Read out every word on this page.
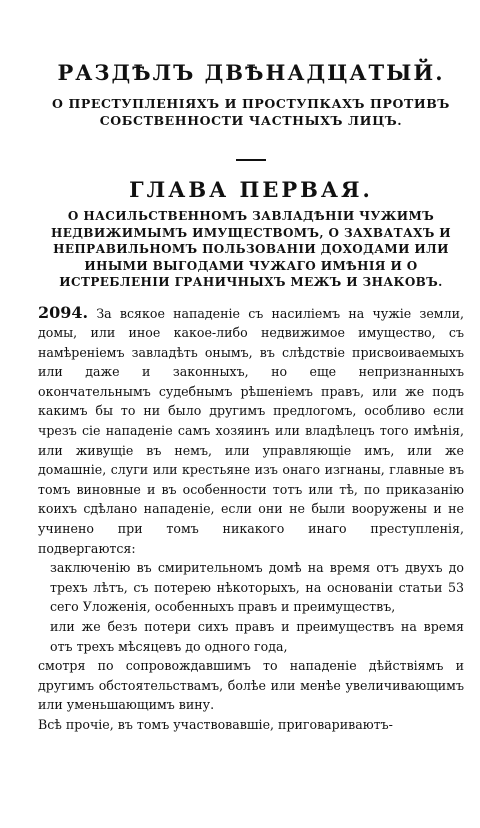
РАЗДѢЛЪ ДВѢНАДЦАТЫЙ.
О ПРЕСТУПЛЕНІЯХЪ И ПРОСТУПКАХЪ ПРОТИВЪ СОБСТВЕННОСТИ ЧАСТНЫХЪ ЛИЦЪ.
ГЛАВА ПЕРВАЯ.
О НАСИЛЬСТВЕННОМЪ ЗАВЛАДѢНІИ ЧУЖИМЪ НЕДВИЖИМЫМЪ ИМУЩЕСТВОМЪ, О ЗАХВАТАХЪ И НЕПРАВИЛЬНОМЪ ПОЛЬЗОВАНІИ ДОХОДАМИ ИЛИ ИНЫМИ ВЫГОДАМИ ЧУЖАГО ИМѢНІЯ И О ИСТРЕБЛЕНІИ ГРАНИЧНЫХЪ МЕЖЪ И ЗНАКОВЪ.

2094. За всякое нападеніе съ насиліемъ на чужіе земли, домы, или иное какое-либо недвижимое имущество, съ намѣреніемъ завладѣть онымъ, въ слѣдствіе присвоиваемыхъ или даже и законныхъ, но еще непризнанныхъ окончательнымъ судебнымъ рѣшеніемъ правъ, или же подъ какимъ бы то ни было другимъ предлогомъ, особливо если чрезъ сіе нападеніе самъ хозяинъ или владѣлецъ того имѣнія, или живущіе въ немъ, или управляющіе имъ, или же домашніе, слуги или крестьяне изъ онаго изгнаны, главные въ томъ виновные и въ особенности тотъ или тѣ, по приказанію коихъ сдѣлано нападеніе, если они не были вооружены и не учинено при томъ никакого инаго преступленія, подвергаются:

заключенію въ смирительномъ домѣ на время отъ двухъ до трехъ лѣтъ, съ потерею нѣкоторыхъ, на основаніи статьи 53 сего Уложенія, особенныхъ правъ и преимуществъ,

или же безъ потери сихъ правъ и преимуществъ на время отъ трехъ мѣсяцевъ до одного года,

смотря по сопровождавшимъ то нападеніе дѣйствіямъ и другимъ обстоятельствамъ, болѣе или менѣе увеличивающимъ или уменьшающимъ вину.

Всѣ прочіе, въ томъ участвовавшіе, приговариваютъ-
